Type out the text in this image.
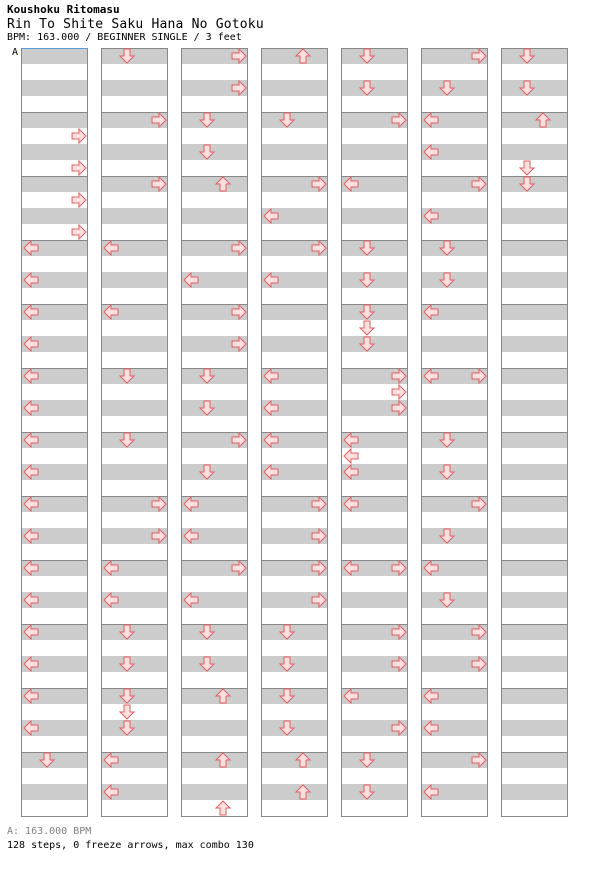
Koushoku Ritomasu
Rin To Shite Saku Hana No Gotoku
BPM: 163.000 / BEGINNER SINGLE / 3 feet
A
A: 163.000 BPM
128 steps, 0 freeze arrows, max combo 130
